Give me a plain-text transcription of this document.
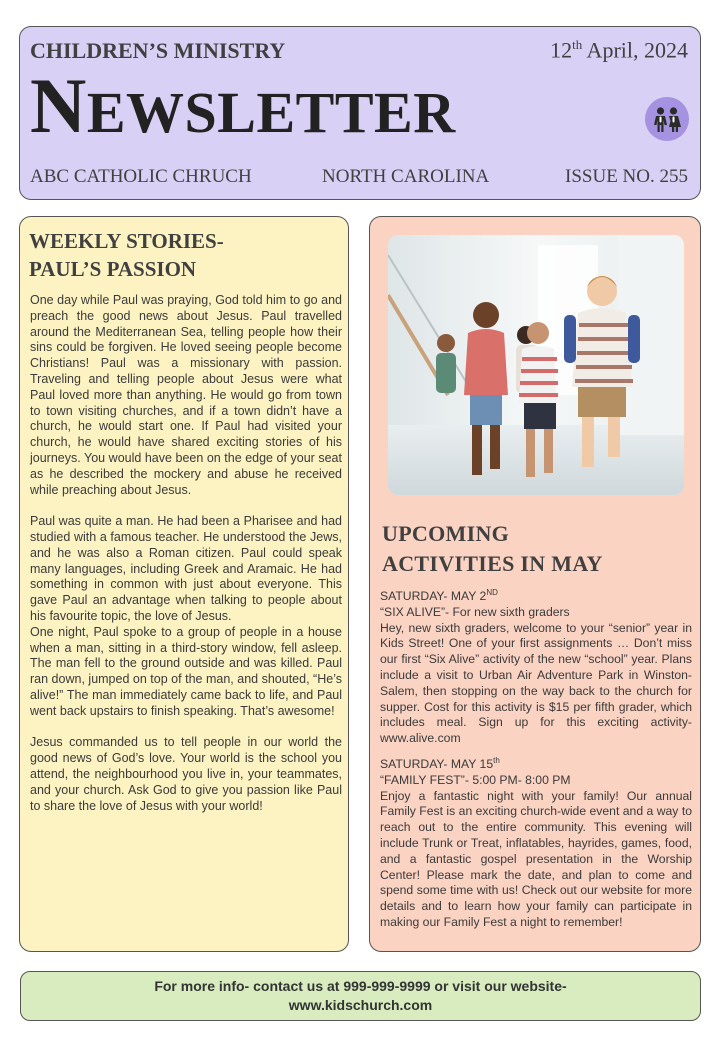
CHILDREN’S MINISTRY	12th April, 2024
NEWSLETTER
ABC CATHOLIC CHRUCH	NORTH CAROLINA	ISSUE NO. 255
WEEKLY STORIES-
PAUL’S PASSION

One day while Paul was praying, God told him to go and preach the good news about Jesus. Paul travelled around the Mediterranean Sea, telling people how their sins could be forgiven. He loved seeing people become Christians! Paul was a missionary with passion. Traveling and telling people about Jesus were what Paul loved more than anything. He would go from town to town visiting churches, and if a town didn’t have a church, he would start one. If Paul had visited your church, he would have shared exciting stories of his journeys. You would have been on the edge of your seat as he described the mockery and abuse he received while preaching about Jesus.

Paul was quite a man. He had been a Pharisee and had studied with a famous teacher. He understood the Jews, and he was also a Roman citizen. Paul could speak many languages, including Greek and Aramaic. He had something in common with just about everyone. This gave Paul an advantage when talking to people about his favourite topic, the love of Jesus.

One night, Paul spoke to a group of people in a house when a man, sitting in a third-story window, fell asleep. The man fell to the ground outside and was killed. Paul ran down, jumped on top of the man, and shouted, “He’s alive!” The man immediately came back to life, and Paul went back upstairs to finish speaking. That’s awesome!

Jesus commanded us to tell people in our world the good news of God’s love. Your world is the school you attend, the neighbourhood you live in, your teammates, and your church. Ask God to give you passion like Paul to share the love of Jesus with your world!

UPCOMING
ACTIVITIES IN MAY
SATURDAY- MAY 2ND
“SIX ALIVE”- For new sixth graders
Hey, new sixth graders, welcome to your “senior” year in Kids Street! One of your first assignments … Don’t miss our first “Six Alive” activity of the new “school” year. Plans include a visit to Urban Air Adventure Park in Winston-Salem, then stopping on the way back to the church for supper. Cost for this activity is $15 per fifth grader, which includes meal. Sign up for this exciting activity- www.alive.com
SATURDAY- MAY 15th
“FAMILY FEST”- 5:00 PM- 8:00 PM
Enjoy a fantastic night with your family! Our annual Family Fest is an exciting church-wide event and a way to reach out to the entire community. This evening will include Trunk or Treat, inflatables, hayrides, games, food, and a fantastic gospel presentation in the Worship Center! Please mark the date, and plan to come and spend some time with us! Check out our website for more details and to learn how your family can participate in making our Family Fest a night to remember!
For more info- contact us at 999-999-9999 or visit our website-
www.kidschurch.com
